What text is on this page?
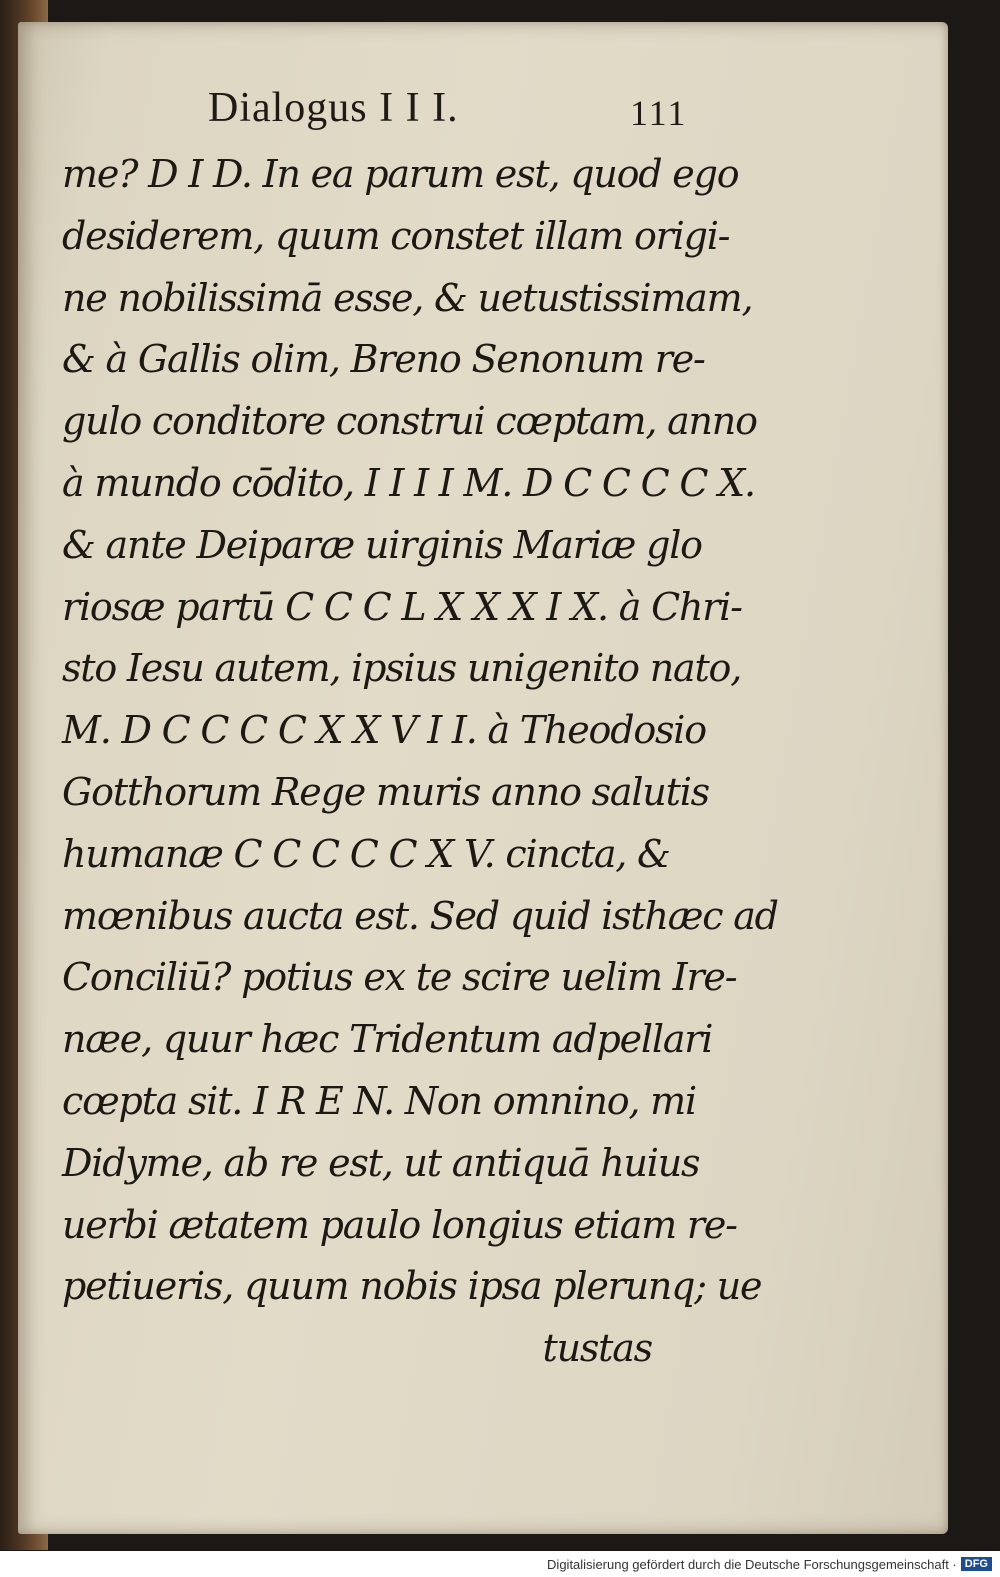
Dialogus I I I.	111
me? D I D. In ea parum est, quod ego
desiderem, quum constet illam origi-
ne nobilissimā esse, & uetustissimam,
& à Gallis olim, Breno Senonum re-
gulo conditore construi cœptam, anno
à mundo cōdito, I I I I M. D C C C C X.
& ante Deiparæ uirginis Mariæ glo
riosæ partū C C C L X X X I X. à Chri-
sto Iesu autem, ipsius unigenito nato,
M. D C C C C X X V I I. à Theodosio
Gotthorum Rege muris anno salutis
humanæ C C C C C X V. cincta, &
mœnibus aucta est. Sed quid isthæc ad
Conciliū? potius ex te scire uelim Ire-
næe, quur hæc Tridentum adpellari
cœpta sit. I R E N. Non omnino, mi
Didyme, ab re est, ut antiquā huius
uerbi ætatem paulo longius etiam re-
petiueris, quum nobis ipsa plerunq; ue
tustas
Digitalisierung gefördert durch die Deutsche Forschungsgemeinschaft · DFG
